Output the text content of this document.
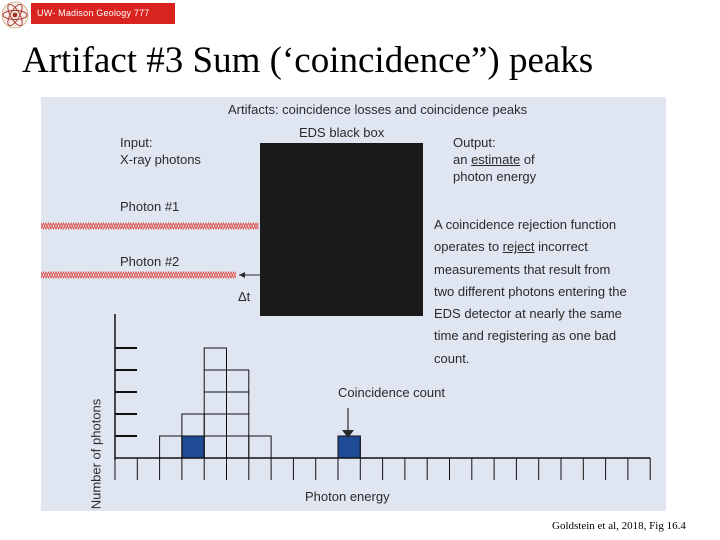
UW- Madison Geology 777
Artifact #3 Sum (‘coincidence”) peaks
Artifacts: coincidence losses and coincidence peaks
EDS black box
Input:
X-ray photons
Output:
an estimate of
photon energy
Photon #1
Photon #2
Δt
A coincidence rejection function
operates to reject incorrect
measurements that result from
two different photons entering the
EDS detector at nearly the same
time and registering as one bad
count.
Coincidence count
Photon energy
Number of photons

Goldstein et al, 2018, Fig 16.4
